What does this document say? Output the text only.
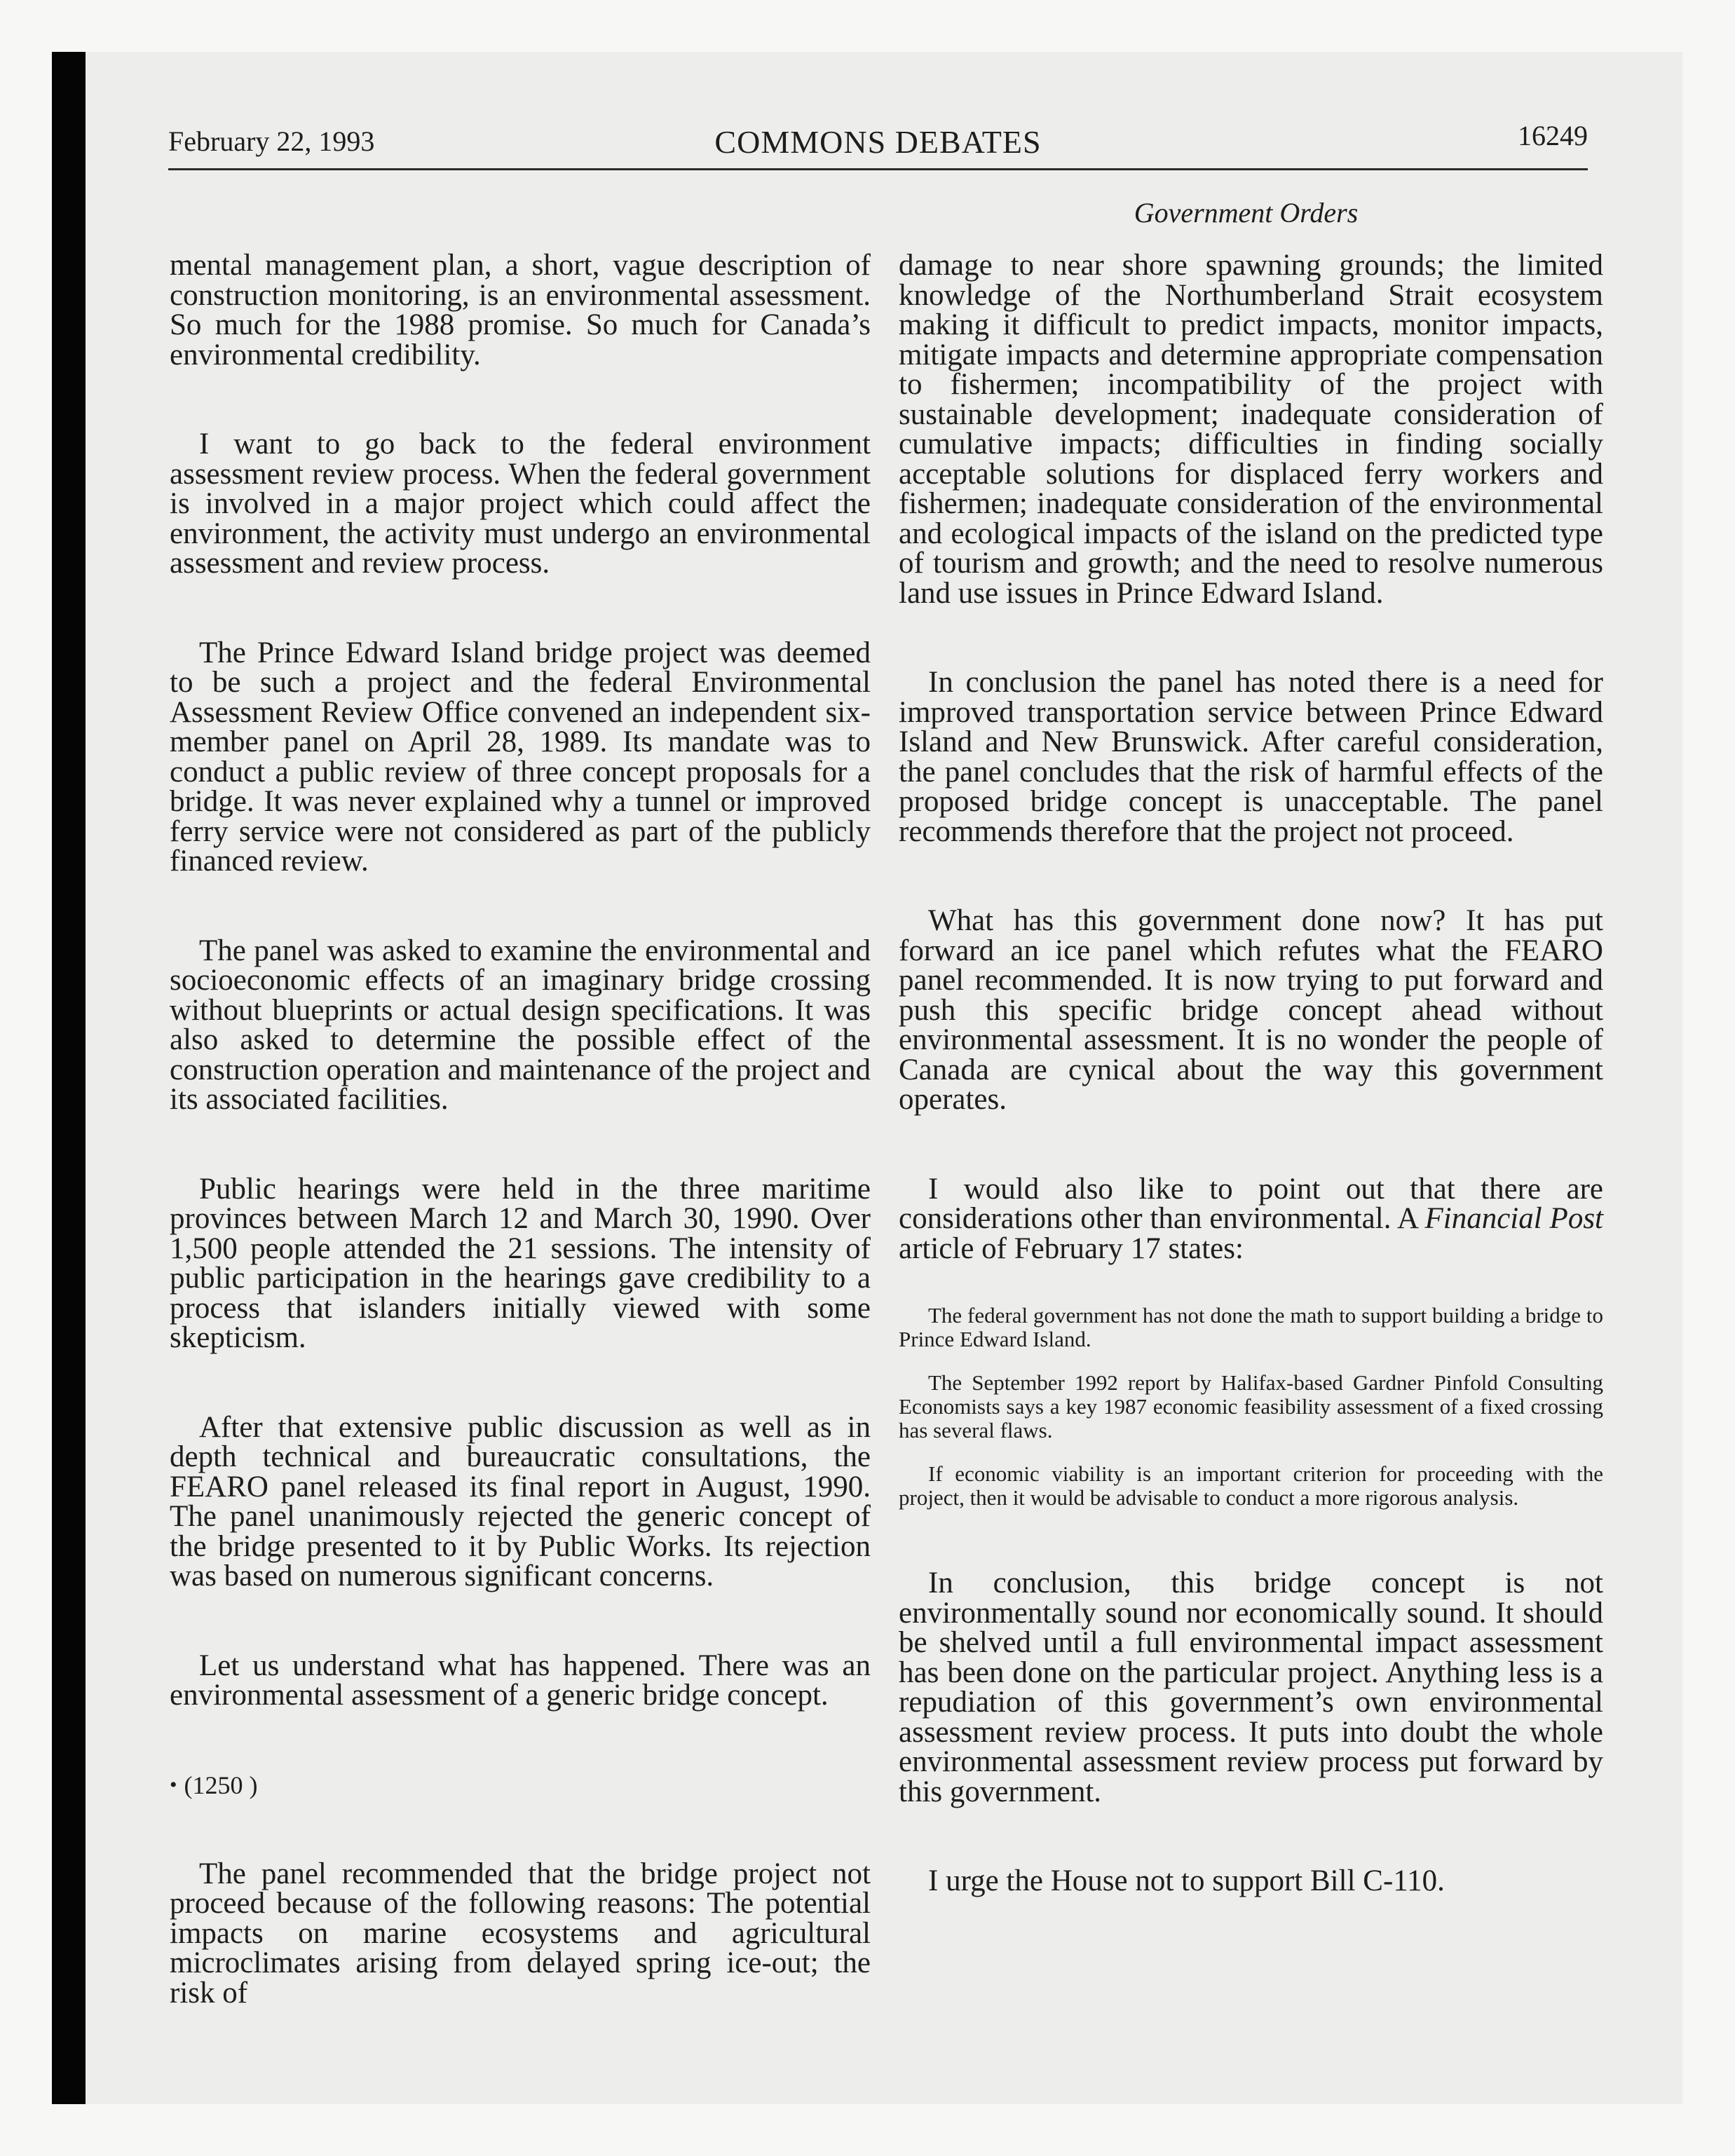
February 22, 1993	COMMONS DEBATES	16249
Government Orders

mental management plan, a short, vague description of construction monitoring, is an environmental assessment. So much for the 1988 promise. So much for Canada’s environmental credibility.

I want to go back to the federal environment assessment review process. When the federal government is involved in a major project which could affect the environment, the activity must undergo an environmental assessment and review process.

The Prince Edward Island bridge project was deemed to be such a project and the federal Environmental Assessment Review Office convened an independent six-member panel on April 28, 1989. Its mandate was to conduct a public review of three concept proposals for a bridge. It was never explained why a tunnel or improved ferry service were not considered as part of the publicly financed review.

The panel was asked to examine the environmental and socioeconomic effects of an imaginary bridge crossing without blueprints or actual design specifications. It was also asked to determine the possible effect of the construction operation and maintenance of the project and its associated facilities.

Public hearings were held in the three maritime provinces between March 12 and March 30, 1990. Over 1,500 people attended the 21 sessions. The intensity of public participation in the hearings gave credibility to a process that islanders initially viewed with some skepticism.

After that extensive public discussion as well as in depth technical and bureaucratic consultations, the FEARO panel released its final report in August, 1990. The panel unanimously rejected the generic concept of the bridge presented to it by Public Works. Its rejection was based on numerous significant concerns.

Let us understand what has happened. There was an environmental assessment of a generic bridge concept.

• (1250 )

The panel recommended that the bridge project not proceed because of the following reasons: The potential impacts on marine ecosystems and agricultural microclimates arising from delayed spring ice-out; the risk of

damage to near shore spawning grounds; the limited knowledge of the Northumberland Strait ecosystem making it difficult to predict impacts, monitor impacts, mitigate impacts and determine appropriate compensation to fishermen; incompatibility of the project with sustainable development; inadequate consideration of cumulative impacts; difficulties in finding socially acceptable solutions for displaced ferry workers and fishermen; inadequate consideration of the environmental and ecological impacts of the island on the predicted type of tourism and growth; and the need to resolve numerous land use issues in Prince Edward Island.

In conclusion the panel has noted there is a need for improved transportation service between Prince Edward Island and New Brunswick. After careful consideration, the panel concludes that the risk of harmful effects of the proposed bridge concept is unacceptable. The panel recommends therefore that the project not proceed.

What has this government done now? It has put forward an ice panel which refutes what the FEARO panel recommended. It is now trying to put forward and push this specific bridge concept ahead without environmental assessment. It is no wonder the people of Canada are cynical about the way this government operates.

I would also like to point out that there are considerations other than environmental. A Financial Post article of February 17 states:

The federal government has not done the math to support building a bridge to Prince Edward Island.

The September 1992 report by Halifax-based Gardner Pinfold Consulting Economists says a key 1987 economic feasibility assessment of a fixed crossing has several flaws.

If economic viability is an important criterion for proceeding with the project, then it would be advisable to conduct a more rigorous analysis.

In conclusion, this bridge concept is not environmentally sound nor economically sound. It should be shelved until a full environmental impact assessment has been done on the particular project. Anything less is a repudiation of this government’s own environmental assessment review process. It puts into doubt the whole environmental assessment review process put forward by this government.

I urge the House not to support Bill C-110.
